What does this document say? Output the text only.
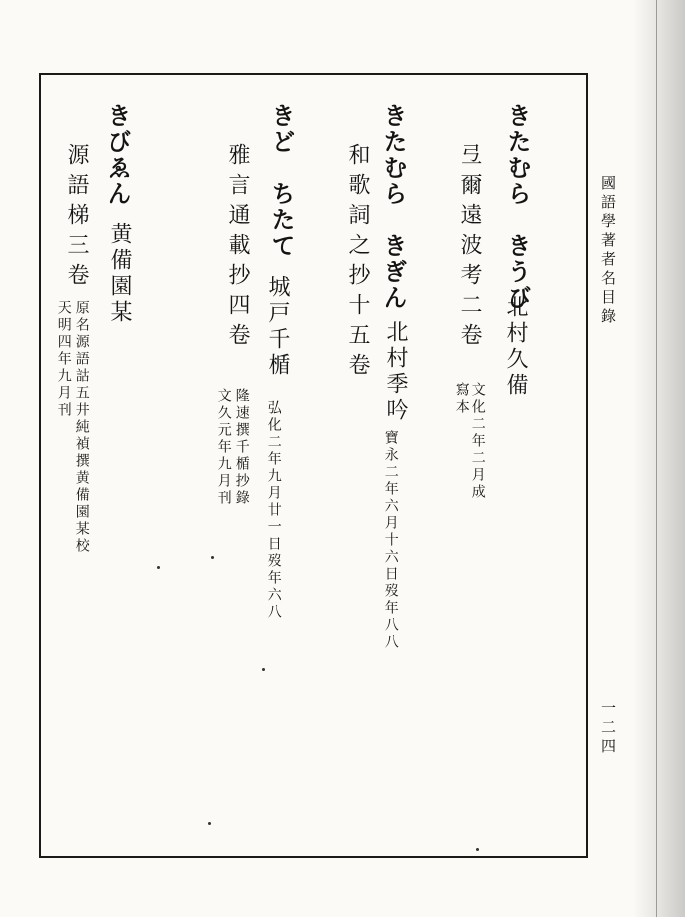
國語學著者名目錄
一二四
きたむら　きうび
弖爾遠波考二卷 北村久備
文化二年二月成
寫本
きたむら　きぎん
和歌詞之抄十五卷 北村季吟
寶永二年六月十六日歿年八八
きど　ちたて
雅言通載抄四卷 城戸千楯
弘化二年九月廿一日歿年六八
隆速撰千楯抄錄
文久元年九月刊
きびゑん
源語梯三卷 黄備園某
原名源語詁五井純禎撰黄備園某校
天明四年九月刊
